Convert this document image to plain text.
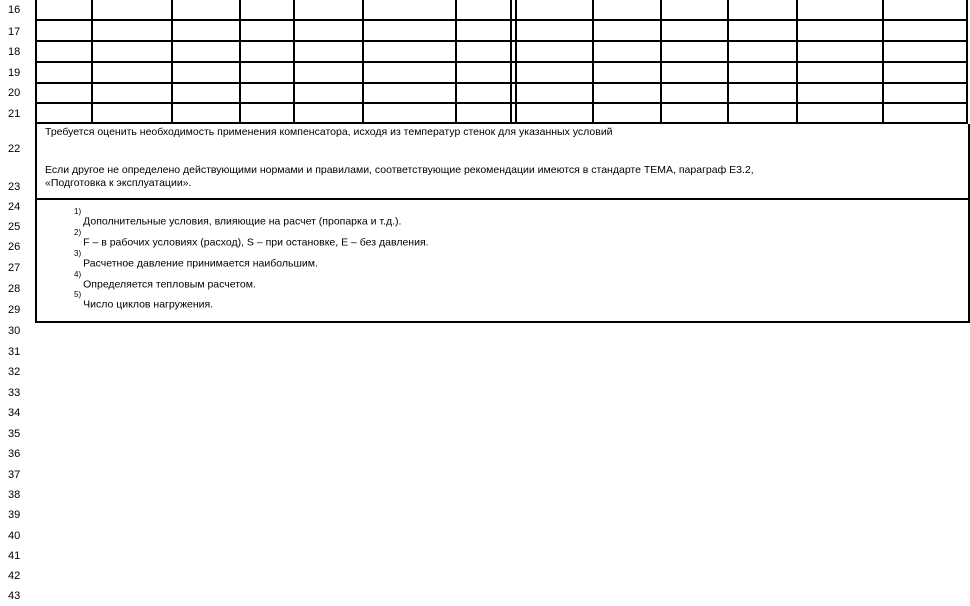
16
17
18
19
20
21
22
23
24
25
26
27
28
29
30
31
32
33
34
35
36
37
38
39
40
41
42
43
Требуется оценить необходимость применения компенсатора, исходя из температур стенок для указанных условий
Если другое не определено действующими нормами и правилами, соответствующие рекомендации имеются в стандарте ТЕМА, параграф Е3.2,
«Подготовка к эксплуатации».
$^{1)}$Дополнительные условия, влияющие на расчет (пропарка и т.д.).
$^{2)}$F – в рабочих условиях (расход), S – при остановке, E – без давления.
$^{3)}$Расчетное давление принимается наибольшим.
$^{4)}$Определяется тепловым расчетом.
$^{5)}$Число циклов нагружения.
